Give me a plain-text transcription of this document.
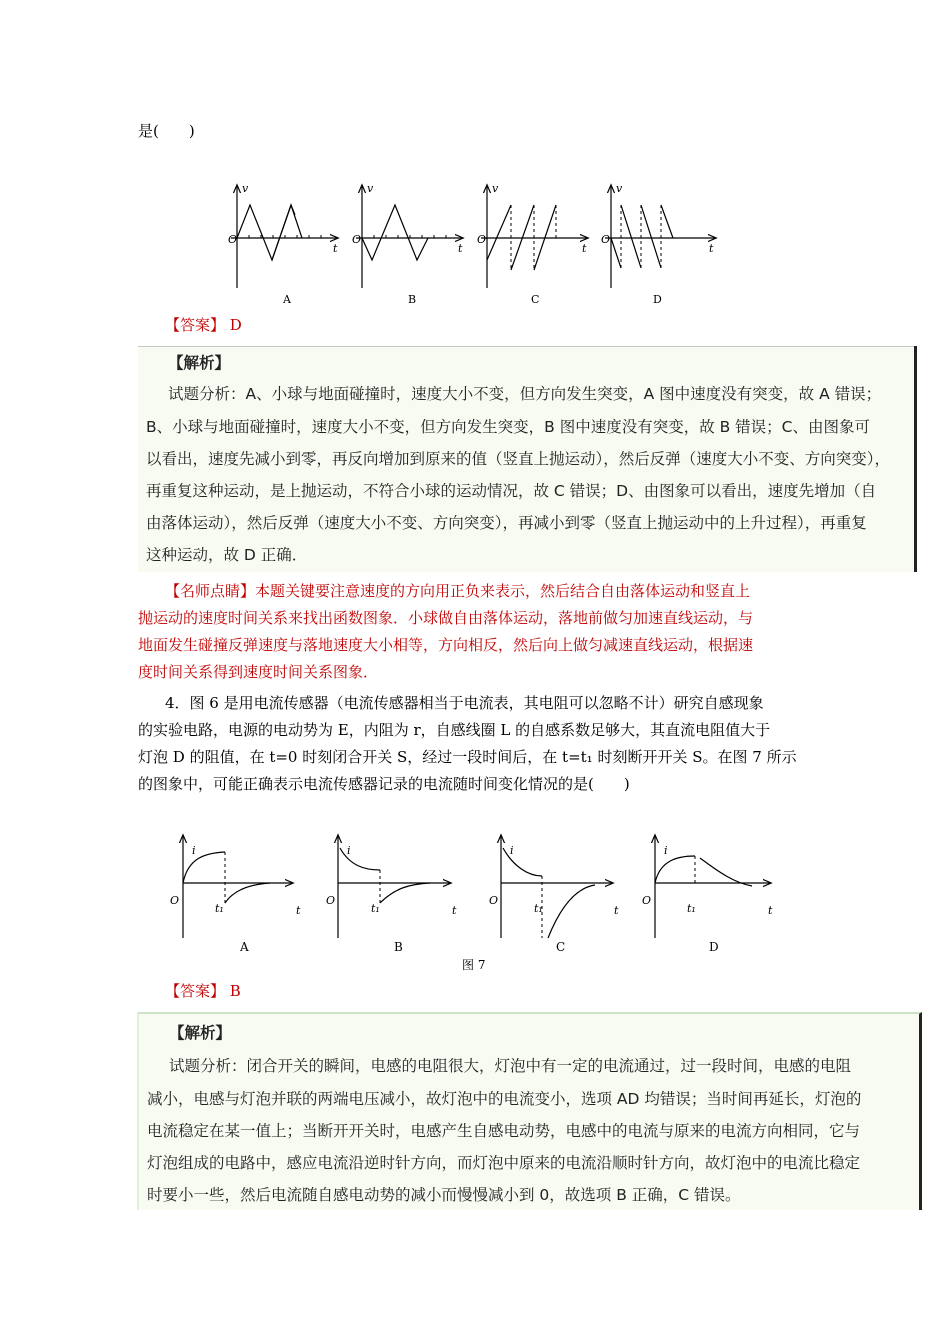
是(　　)
v
t
O
v
t
O
v
t
O
v
t
O
A	B	C	D
【答案】 D
【解析】
试题分析：A、小球与地面碰撞时，速度大小不变，但方向发生突变，A 图中速度没有突变，故 A 错误；
B、小球与地面碰撞时，速度大小不变，但方向发生突变，B 图中速度没有突变，故 B 错误；C、由图象可
以看出，速度先减小到零，再反向增加到原来的值（竖直上抛运动），然后反弹（速度大小不变、方向突变），
再重复这种运动，是上抛运动，不符合小球的运动情况，故 C 错误；D、由图象可以看出，速度先增加（自
由落体运动），然后反弹（速度大小不变、方向突变），再减小到零（竖直上抛运动中的上升过程），再重复
这种运动，故 D 正确．
【名师点睛】本题关键要注意速度的方向用正负来表示，然后结合自由落体运动和竖直上
抛运动的速度时间关系来找出函数图象．小球做自由落体运动，落地前做匀加速直线运动，与
地面发生碰撞反弹速度与落地速度大小相等，方向相反，然后向上做匀减速直线运动，根据速
度时间关系得到速度时间关系图象．
4．图 6 是用电流传感器（电流传感器相当于电流表，其电阻可以忽略不计）研究自感现象
的实验电路，电源的电动势为 E，内阻为 r，自感线圈 L 的自感系数足够大，其直流电阻值大于
灯泡 D 的阻值，在 t=0 时刻闭合开关 S，经过一段时间后，在 t=t₁ 时刻断开开关 S。在图 7 所示
的图象中，可能正确表示电流传感器记录的电流随时间变化情况的是(　　)
i
t
O
t₁
i
t
O
t₁
i
t
O
t₁
i
t
O
t₁
A	B	C	D
图 7
【答案】 B
【解析】
试题分析：闭合开关的瞬间，电感的电阻很大，灯泡中有一定的电流通过，过一段时间，电感的电阻
减小，电感与灯泡并联的两端电压减小，故灯泡中的电流变小，选项 AD 均错误；当时间再延长，灯泡的
电流稳定在某一值上；当断开开关时，电感产生自感电动势，电感中的电流与原来的电流方向相同，它与
灯泡组成的电路中，感应电流沿逆时针方向，而灯泡中原来的电流沿顺时针方向，故灯泡中的电流比稳定
时要小一些，然后电流随自感电动势的减小而慢慢减小到 0，故选项 B 正确，C 错误。
